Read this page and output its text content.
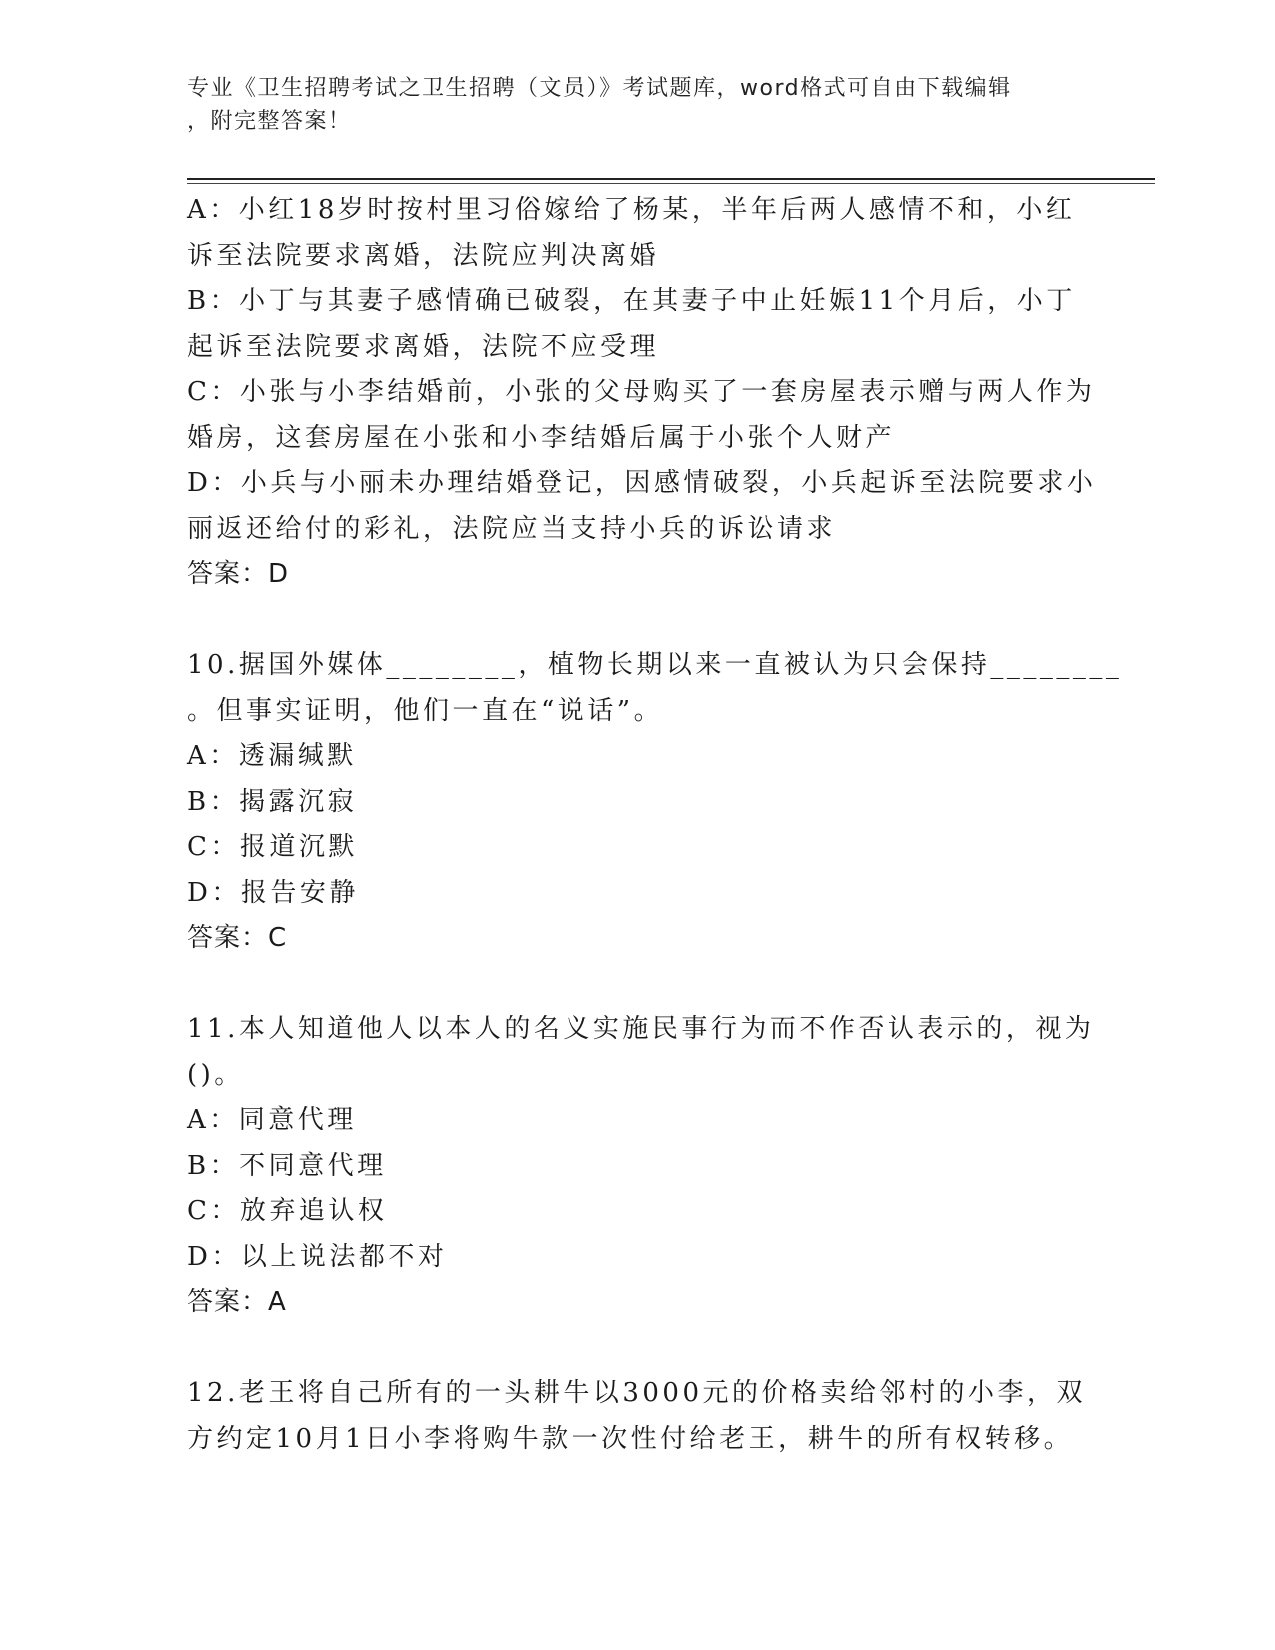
专业《卫生招聘考试之卫生招聘（文员）》考试题库，word格式可自由下载编辑
，附完整答案！
A：小红18岁时按村里习俗嫁给了杨某，半年后两人感情不和，小红
诉至法院要求离婚，法院应判决离婚
B：小丁与其妻子感情确已破裂，在其妻子中止妊娠11个月后，小丁
起诉至法院要求离婚，法院不应受理
C：小张与小李结婚前，小张的父母购买了一套房屋表示赠与两人作为
婚房，这套房屋在小张和小李结婚后属于小张个人财产
D：小兵与小丽未办理结婚登记，因感情破裂，小兵起诉至法院要求小
丽返还给付的彩礼，法院应当支持小兵的诉讼请求
答案：D
10.据国外媒体________，植物长期以来一直被认为只会保持________
。但事实证明，他们一直在“说话”。
A：透漏缄默
B：揭露沉寂
C：报道沉默
D：报告安静
答案：C
11.本人知道他人以本人的名义实施民事行为而不作否认表示的，视为
()。
A：同意代理
B：不同意代理
C：放弃追认权
D：以上说法都不对
答案：A
12.老王将自己所有的一头耕牛以3000元的价格卖给邻村的小李，双
方约定10月1日小李将购牛款一次性付给老王，耕牛的所有权转移。
